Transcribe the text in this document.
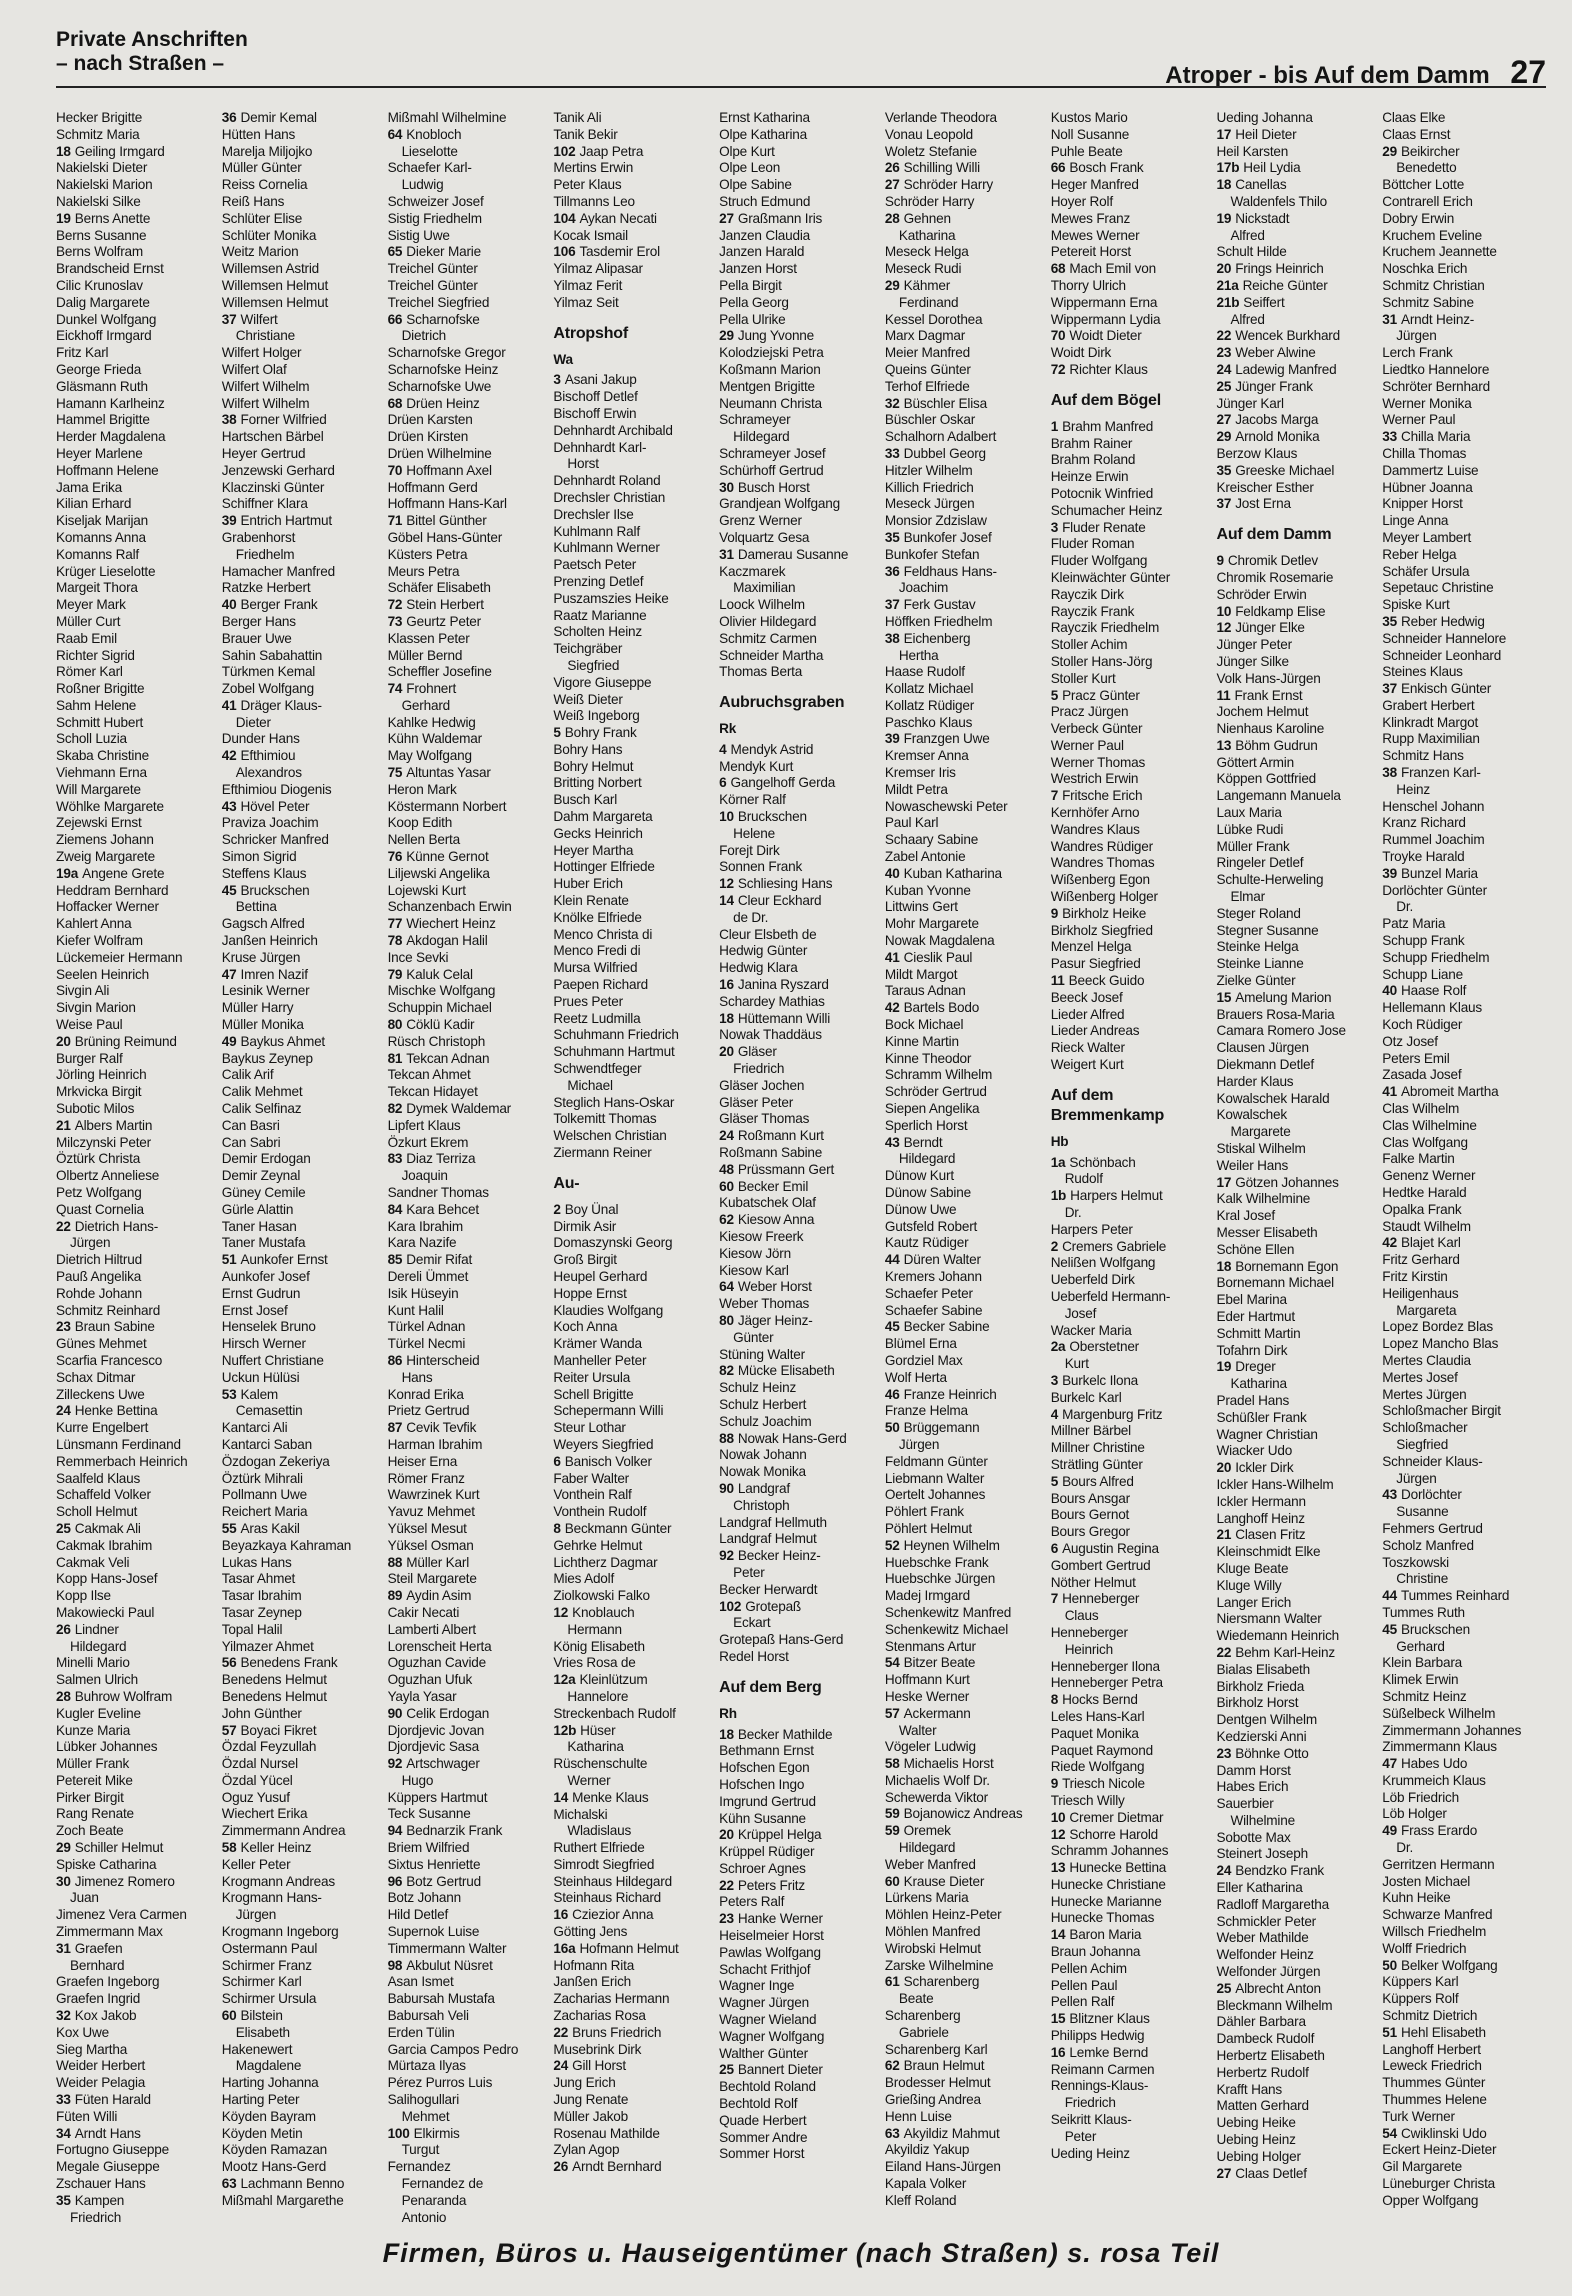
Private Anschriften
– nach Straßen –	Atroper - bis Auf dem Damm 27
Hecker Brigitte
Schmitz Maria
18 Geiling Irmgard
Nakielski Dieter
Nakielski Marion
Nakielski Silke
19 Berns Anette
Berns Susanne
Berns Wolfram
Brandscheid Ernst
Cilic Krunoslav
Dalig Margarete
Dunkel Wolfgang
Eickhoff Irmgard
Fritz Karl
George Frieda
Gläsmann Ruth
Hamann Karlheinz
Hammel Brigitte
Herder Magdalena
Heyer Marlene
Hoffmann Helene
Jama Erika
Kilian Erhard
Kiseljak Marijan
Komanns Anna
Komanns Ralf
Krüger Lieselotte
Margeit Thora
Meyer Mark
Müller Curt
Raab Emil
Richter Sigrid
Römer Karl
Roßner Brigitte
Sahm Helene
Schmitt Hubert
Scholl Luzia
Skaba Christine
Viehmann Erna
Will Margarete
Wöhlke Margarete
Zejewski Ernst
Ziemens Johann
Zweig Margarete
19a Angene Grete
Heddram Bernhard
Hoffacker Werner
Kahlert Anna
Kiefer Wolfram
Lückemeier Hermann
Seelen Heinrich
Sivgin Ali
Sivgin Marion
Weise Paul
20 Brüning Reimund
Burger Ralf
Jörling Heinrich
Mrkvicka Birgit
Subotic Milos
21 Albers Martin
Milczynski Peter
Öztürk Christa
Olbertz Anneliese
Petz Wolfgang
Quast Cornelia
22 Dietrich Hans-
Jürgen
Dietrich Hiltrud
Pauß Angelika
Rohde Johann
Schmitz Reinhard
23 Braun Sabine
Günes Mehmet
Scarfia Francesco
Schax Ditmar
Zilleckens Uwe
24 Henke Bettina
Kurre Engelbert
Lünsmann Ferdinand
Remmerbach Heinrich
Saalfeld Klaus
Schaffeld Volker
Scholl Helmut
25 Cakmak Ali
Cakmak Ibrahim
Cakmak Veli
Kopp Hans-Josef
Kopp Ilse
Makowiecki Paul
26 Lindner
Hildegard
Minelli Mario
Salmen Ulrich
28 Buhrow Wolfram
Kugler Eveline
Kunze Maria
Lübker Johannes
Müller Frank
Petereit Mike
Pirker Birgit
Rang Renate
Zoch Beate
29 Schiller Helmut
Spiske Catharina
30 Jimenez Romero
Juan
Jimenez Vera Carmen
Zimmermann Max
31 Graefen
Bernhard
Graefen Ingeborg
Graefen Ingrid
32 Kox Jakob
Kox Uwe
Sieg Martha
Weider Herbert
Weider Pelagia
33 Füten Harald
Füten Willi
34 Arndt Hans
Fortugno Giuseppe
Megale Giuseppe
Zschauer Hans
35 Kampen
Friedrich
36 Demir Kemal
Hütten Hans
Marelja Miljojko
Müller Günter
Reiss Cornelia
Reiß Hans
Schlüter Elise
Schlüter Monika
Weitz Marion
Willemsen Astrid
Willemsen Helmut
Willemsen Helmut
37 Wilfert
Christiane
Wilfert Holger
Wilfert Olaf
Wilfert Wilhelm
Wilfert Wilhelm
38 Forner Wilfried
Hartschen Bärbel
Heyer Gertrud
Jenzewski Gerhard
Klaczinski Günter
Schiffner Klara
39 Entrich Hartmut
Grabenhorst
Friedhelm
Hamacher Manfred
Ratzke Herbert
40 Berger Frank
Berger Hans
Brauer Uwe
Sahin Sabahattin
Türkmen Kemal
Zobel Wolfgang
41 Dräger Klaus-
Dieter
Dunder Hans
42 Efthimiou
Alexandros
Efthimiou Diogenis
43 Hövel Peter
Praviza Joachim
Schricker Manfred
Simon Sigrid
Steffens Klaus
45 Bruckschen
Bettina
Gagsch Alfred
Janßen Heinrich
Kruse Jürgen
47 Imren Nazif
Lesinik Werner
Müller Harry
Müller Monika
49 Baykus Ahmet
Baykus Zeynep
Calik Arif
Calik Mehmet
Calik Selfinaz
Can Basri
Can Sabri
Demir Erdogan
Demir Zeynal
Güney Cemile
Gürle Alattin
Taner Hasan
Taner Mustafa
51 Aunkofer Ernst
Aunkofer Josef
Ernst Gudrun
Ernst Josef
Henselek Bruno
Hirsch Werner
Nuffert Christiane
Uckun Hülüsi
53 Kalem
Cemasettin
Kantarci Ali
Kantarci Saban
Özdogan Zekeriya
Öztürk Mihrali
Pollmann Uwe
Reichert Maria
55 Aras Kakil
Beyazkaya Kahraman
Lukas Hans
Tasar Ahmet
Tasar Ibrahim
Tasar Zeynep
Topal Halil
Yilmazer Ahmet
56 Benedens Frank
Benedens Helmut
Benedens Helmut
John Günther
57 Boyaci Fikret
Özdal Feyzullah
Özdal Nursel
Özdal Yücel
Oguz Yusuf
Wiechert Erika
Zimmermann Andrea
58 Keller Heinz
Keller Peter
Krogmann Andreas
Krogmann Hans-
Jürgen
Krogmann Ingeborg
Ostermann Paul
Schirmer Franz
Schirmer Karl
Schirmer Ursula
60 Bilstein
Elisabeth
Hakenewert
Magdalene
Harting Johanna
Harting Peter
Köyden Bayram
Köyden Metin
Köyden Ramazan
Mootz Hans-Gerd
63 Lachmann Benno
Mißmahl Margarethe
Mißmahl Wilhelmine
64 Knobloch
Lieselotte
Schaefer Karl-
Ludwig
Schweizer Josef
Sistig Friedhelm
Sistig Uwe
65 Dieker Marie
Treichel Günter
Treichel Günter
Treichel Siegfried
66 Scharnofske
Dietrich
Scharnofske Gregor
Scharnofske Heinz
Scharnofske Uwe
68 Drüen Heinz
Drüen Karsten
Drüen Kirsten
Drüen Wilhelmine
70 Hoffmann Axel
Hoffmann Gerd
Hoffmann Hans-Karl
71 Bittel Günther
Göbel Hans-Günter
Küsters Petra
Meurs Petra
Schäfer Elisabeth
72 Stein Herbert
73 Geurtz Peter
Klassen Peter
Müller Bernd
Scheffler Josefine
74 Frohnert
Gerhard
Kahlke Hedwig
Kühn Waldemar
May Wolfgang
75 Altuntas Yasar
Heron Mark
Köstermann Norbert
Koop Edith
Nellen Berta
76 Künne Gernot
Liljewski Angelika
Lojewski Kurt
Schanzenbach Erwin
77 Wiechert Heinz
78 Akdogan Halil
Ince Sevki
79 Kaluk Celal
Mischke Wolfgang
Schuppin Michael
80 Cöklü Kadir
Rüsch Christoph
81 Tekcan Adnan
Tekcan Ahmet
Tekcan Hidayet
82 Dymek Waldemar
Lipfert Klaus
Özkurt Ekrem
83 Diaz Terriza
Joaquin
Sandner Thomas
84 Kara Behcet
Kara Ibrahim
Kara Nazife
85 Demir Rifat
Dereli Ümmet
Isik Hüseyin
Kunt Halil
Türkel Adnan
Türkel Necmi
86 Hinterscheid
Hans
Konrad Erika
Prietz Gertrud
87 Cevik Tevfik
Harman Ibrahim
Heiser Erna
Römer Franz
Wawrzinek Kurt
Yavuz Mehmet
Yüksel Mesut
Yüksel Osman
88 Müller Karl
Steil Margarete
89 Aydin Asim
Cakir Necati
Lamberti Albert
Lorenscheit Herta
Oguzhan Cavide
Oguzhan Ufuk
Yayla Yasar
90 Celik Erdogan
Djordjevic Jovan
Djordjevic Sasa
92 Artschwager
Hugo
Küppers Hartmut
Teck Susanne
94 Bednarzik Frank
Briem Wilfried
Sixtus Henriette
96 Botz Gertrud
Botz Johann
Hild Detlef
Supernok Luise
Timmermann Walter
98 Akbulut Nüsret
Asan Ismet
Babursah Mustafa
Babursah Veli
Erden Tülin
Garcia Campos Pedro
Mürtaza Ilyas
Pérez Purros Luis
Salihogullari
Mehmet
100 Elkirmis
Turgut
Fernandez
Fernandez de
Penaranda
Antonio
Tanik Ali
Tanik Bekir
102 Jaap Petra
Mertins Erwin
Peter Klaus
Tillmanns Leo
104 Aykan Necati
Kocak Ismail
106 Tasdemir Erol
Yilmaz Alipasar
Yilmaz Ferit
Yilmaz Seit
Atropshof
Wa
3 Asani Jakup
Bischoff Detlef
Bischoff Erwin
Dehnhardt Archibald
Dehnhardt Karl-
Horst
Dehnhardt Roland
Drechsler Christian
Drechsler Ilse
Kuhlmann Ralf
Kuhlmann Werner
Paetsch Peter
Prenzing Detlef
Puszamszies Heike
Raatz Marianne
Scholten Heinz
Teichgräber
Siegfried
Vigore Giuseppe
Weiß Dieter
Weiß Ingeborg
5 Bohry Frank
Bohry Hans
Bohry Helmut
Britting Norbert
Busch Karl
Dahm Margareta
Gecks Heinrich
Heyer Martha
Hottinger Elfriede
Huber Erich
Klein Renate
Knölke Elfriede
Menco Christa di
Menco Fredi di
Mursa Wilfried
Paepen Richard
Prues Peter
Reetz Ludmilla
Schuhmann Friedrich
Schuhmann Hartmut
Schwendtfeger
Michael
Steglich Hans-Oskar
Tolkemitt Thomas
Welschen Christian
Ziermann Reiner
Au-
2 Boy Ünal
Dirmik Asir
Domaszynski Georg
Groß Birgit
Heupel Gerhard
Hoppe Ernst
Klaudies Wolfgang
Koch Anna
Krämer Wanda
Manheller Peter
Reiter Ursula
Schell Brigitte
Schepermann Willi
Steur Lothar
Weyers Siegfried
6 Banisch Volker
Faber Walter
Vonthein Ralf
Vonthein Rudolf
8 Beckmann Günter
Gehrke Helmut
Lichtherz Dagmar
Mies Adolf
Ziolkowski Falko
12 Knoblauch
Hermann
König Elisabeth
Vries Rosa de
12a Kleinlützum
Hannelore
Streckenbach Rudolf
12b Hüser
Katharina
Rüschenschulte
Werner
14 Menke Klaus
Michalski
Wladislaus
Ruthert Elfriede
Simrodt Siegfried
Steinhaus Hildegard
Steinhaus Richard
16 Cziezior Anna
Götting Jens
16a Hofmann Helmut
Hofmann Rita
Janßen Erich
Zacharias Hermann
Zacharias Rosa
22 Bruns Friedrich
Musebrink Dirk
24 Gill Horst
Jung Erich
Jung Renate
Müller Jakob
Rosenau Mathilde
Zylan Agop
26 Arndt Bernhard
Ernst Katharina
Olpe Katharina
Olpe Kurt
Olpe Leon
Olpe Sabine
Struch Edmund
27 Graßmann Iris
Janzen Claudia
Janzen Harald
Janzen Horst
Pella Birgit
Pella Georg
Pella Ulrike
29 Jung Yvonne
Kolodziejski Petra
Koßmann Marion
Mentgen Brigitte
Neumann Christa
Schrameyer
Hildegard
Schrameyer Josef
Schürhoff Gertrud
30 Busch Horst
Grandjean Wolfgang
Grenz Werner
Volquartz Gesa
31 Damerau Susanne
Kaczmarek
Maximilian
Loock Wilhelm
Olivier Hildegard
Schmitz Carmen
Schneider Martha
Thomas Berta
Aubruchsgraben
Rk
4 Mendyk Astrid
Mendyk Kurt
6 Gangelhoff Gerda
Körner Ralf
10 Bruckschen
Helene
Forejt Dirk
Sonnen Frank
12 Schliesing Hans
14 Cleur Eckhard
de Dr.
Cleur Elsbeth de
Hedwig Günter
Hedwig Klara
16 Janina Ryszard
Schardey Mathias
18 Hüttemann Willi
Nowak Thaddäus
20 Gläser
Friedrich
Gläser Jochen
Gläser Peter
Gläser Thomas
24 Roßmann Kurt
Roßmann Sabine
48 Prüssmann Gert
60 Becker Emil
Kubatschek Olaf
62 Kiesow Anna
Kiesow Freerk
Kiesow Jörn
Kiesow Karl
64 Weber Horst
Weber Thomas
80 Jäger Heinz-
Günter
Stüning Walter
82 Mücke Elisabeth
Schulz Heinz
Schulz Herbert
Schulz Joachim
88 Nowak Hans-Gerd
Nowak Johann
Nowak Monika
90 Landgraf
Christoph
Landgraf Hellmuth
Landgraf Helmut
92 Becker Heinz-
Peter
Becker Herwardt
102 Grotepaß
Eckart
Grotepaß Hans-Gerd
Redel Horst
Auf dem Berg
Rh
18 Becker Mathilde
Bethmann Ernst
Hofschen Egon
Hofschen Ingo
Imgrund Gertrud
Kühn Susanne
20 Krüppel Helga
Krüppel Rüdiger
Schroer Agnes
22 Peters Fritz
Peters Ralf
23 Hanke Werner
Heiselmeier Horst
Pawlas Wolfgang
Schacht Frithjof
Wagner Inge
Wagner Jürgen
Wagner Wieland
Wagner Wolfgang
Walther Günter
25 Bannert Dieter
Bechtold Roland
Bechtold Rolf
Quade Herbert
Sommer Andre
Sommer Horst
Verlande Theodora
Vonau Leopold
Woletz Stefanie
26 Schilling Willi
27 Schröder Harry
Schröder Harry
28 Gehnen
Katharina
Meseck Helga
Meseck Rudi
29 Kähmer
Ferdinand
Kessel Dorothea
Marx Dagmar
Meier Manfred
Queins Günter
Terhof Elfriede
32 Büschler Elisa
Büschler Oskar
Schalhorn Adalbert
33 Dubbel Georg
Hitzler Wilhelm
Killich Friedrich
Meseck Jürgen
Monsior Zdzislaw
35 Bunkofer Josef
Bunkofer Stefan
36 Feldhaus Hans-
Joachim
37 Ferk Gustav
Höffken Friedhelm
38 Eichenberg
Hertha
Haase Rudolf
Kollatz Michael
Kollatz Rüdiger
Paschko Klaus
39 Franzgen Uwe
Kremser Anna
Kremser Iris
Mildt Petra
Nowaschewski Peter
Paul Karl
Schaary Sabine
Zabel Antonie
40 Kuban Katharina
Kuban Yvonne
Littwins Gert
Mohr Margarete
Nowak Magdalena
41 Cieslik Paul
Mildt Margot
Taraus Adnan
42 Bartels Bodo
Bock Michael
Kinne Martin
Kinne Theodor
Schramm Wilhelm
Schröder Gertrud
Siepen Angelika
Sperlich Horst
43 Berndt
Hildegard
Dünow Kurt
Dünow Sabine
Dünow Uwe
Gutsfeld Robert
Kautz Rüdiger
44 Düren Walter
Kremers Johann
Schaefer Peter
Schaefer Sabine
45 Becker Sabine
Blümel Erna
Gordziel Max
Wolf Herta
46 Franze Heinrich
Franze Helma
50 Brüggemann
Jürgen
Feldmann Günter
Liebmann Walter
Oertelt Johannes
Pöhlert Frank
Pöhlert Helmut
52 Heynen Wilhelm
Huebschke Frank
Huebschke Jürgen
Madej Irmgard
Schenkewitz Manfred
Schenkewitz Michael
Stenmans Artur
54 Bitzer Beate
Hoffmann Kurt
Heske Werner
57 Ackermann
Walter
Vögeler Ludwig
58 Michaelis Horst
Michaelis Wolf Dr.
Schewerda Viktor
59 Bojanowicz Andreas
59 Oremek
Hildegard
Weber Manfred
60 Krause Dieter
Lürkens Maria
Möhlen Heinz-Peter
Möhlen Manfred
Wirobski Helmut
Zarske Wilhelmine
61 Scharenberg
Beate
Scharenberg
Gabriele
Scharenberg Karl
62 Braun Helmut
Brodesser Helmut
Grießing Andrea
Henn Luise
63 Akyildiz Mahmut
Akyildiz Yakup
Eiland Hans-Jürgen
Kapala Volker
Kleff Roland
Kustos Mario
Noll Susanne
Puhle Beate
66 Bosch Frank
Heger Manfred
Hoyer Rolf
Mewes Franz
Mewes Werner
Petereit Horst
68 Mach Emil von
Thorry Ulrich
Wippermann Erna
Wippermann Lydia
70 Woidt Dieter
Woidt Dirk
72 Richter Klaus
Auf dem Bögel
1 Brahm Manfred
Brahm Rainer
Brahm Roland
Heinze Erwin
Potocnik Winfried
Schumacher Heinz
3 Fluder Renate
Fluder Roman
Fluder Wolfgang
Kleinwächter Günter
Rayczik Dirk
Rayczik Frank
Rayczik Friedhelm
Stoller Achim
Stoller Hans-Jörg
Stoller Kurt
5 Pracz Günter
Pracz Jürgen
Verbeck Günter
Werner Paul
Werner Thomas
Westrich Erwin
7 Fritsche Erich
Kernhöfer Arno
Wandres Klaus
Wandres Rüdiger
Wandres Thomas
Wißenberg Egon
Wißenberg Holger
9 Birkholz Heike
Birkholz Siegfried
Menzel Helga
Pasur Siegfried
11 Beeck Guido
Beeck Josef
Lieder Alfred
Lieder Andreas
Rieck Walter
Weigert Kurt
Auf dem Bremmenkamp
Hb
1a Schönbach
Rudolf
1b Harpers Helmut
Dr.
Harpers Peter
2 Cremers Gabriele
Nelißen Wolfgang
Ueberfeld Dirk
Ueberfeld Hermann-
Josef
Wacker Maria
2a Oberstetner
Kurt
3 Burkelc Ilona
Burkelc Karl
4 Margenburg Fritz
Millner Bärbel
Millner Christine
Strätling Günter
5 Bours Alfred
Bours Ansgar
Bours Gernot
Bours Gregor
6 Augustin Regina
Gombert Gertrud
Nöther Helmut
7 Henneberger
Claus
Henneberger
Heinrich
Henneberger Ilona
Henneberger Petra
8 Hocks Bernd
Leles Hans-Karl
Paquet Monika
Paquet Raymond
Riede Wolfgang
9 Triesch Nicole
Triesch Willy
10 Cremer Dietmar
12 Schorre Harold
Schramm Johannes
13 Hunecke Bettina
Hunecke Christiane
Hunecke Marianne
Hunecke Thomas
14 Baron Maria
Braun Johanna
Pellen Achim
Pellen Paul
Pellen Ralf
15 Blitzner Klaus
Philipps Hedwig
16 Lemke Bernd
Reimann Carmen
Rennings-Klaus-
Friedrich
Seikritt Klaus-
Peter
Ueding Heinz
Ueding Johanna
17 Heil Dieter
Heil Karsten
17b Heil Lydia
18 Canellas
Waldenfels Thilo
19 Nickstadt
Alfred
Schult Hilde
20 Frings Heinrich
21a Reiche Günter
21b Seiffert
Alfred
22 Wencek Burkhard
23 Weber Alwine
24 Ladewig Manfred
25 Jünger Frank
Jünger Karl
27 Jacobs Marga
29 Arnold Monika
Berzow Klaus
35 Greeske Michael
Kreischer Esther
37 Jost Erna
Auf dem Damm
9 Chromik Detlev
Chromik Rosemarie
Schröder Erwin
10 Feldkamp Elise
12 Jünger Elke
Jünger Peter
Jünger Silke
Volk Hans-Jürgen
11 Frank Ernst
Jochem Helmut
Nienhaus Karoline
13 Böhm Gudrun
Göttert Armin
Köppen Gottfried
Langemann Manuela
Laux Maria
Lübke Rudi
Müller Frank
Ringeler Detlef
Schulte-Herweling
Elmar
Steger Roland
Stegner Susanne
Steinke Helga
Steinke Lianne
Zielke Günter
15 Amelung Marion
Brauers Rosa-Maria
Camara Romero Jose
Clausen Jürgen
Diekmann Detlef
Harder Klaus
Kowalschek Harald
Kowalschek
Margarete
Stiskal Wilhelm
Weiler Hans
17 Götzen Johannes
Kalk Wilhelmine
Kral Josef
Messer Elisabeth
Schöne Ellen
18 Bornemann Egon
Bornemann Michael
Ebel Marina
Eder Hartmut
Schmitt Martin
Tofahrn Dirk
19 Dreger
Katharina
Pradel Hans
Schüßler Frank
Wagner Christian
Wiacker Udo
20 Ickler Dirk
Ickler Hans-Wilhelm
Ickler Hermann
Langhoff Heinz
21 Clasen Fritz
Kleinschmidt Elke
Kluge Beate
Kluge Willy
Langer Erich
Niersmann Walter
Wiedemann Heinrich
22 Behm Karl-Heinz
Bialas Elisabeth
Birkholz Frieda
Birkholz Horst
Dentgen Wilhelm
Kedzierski Anni
23 Böhnke Otto
Damm Horst
Habes Erich
Sauerbier
Wilhelmine
Sobotte Max
Steinert Joseph
24 Bendzko Frank
Eller Katharina
Radloff Margaretha
Schmickler Peter
Weber Mathilde
Welfonder Heinz
Welfonder Jürgen
25 Albrecht Anton
Bleckmann Wilhelm
Dähler Barbara
Dambeck Rudolf
Herbertz Elisabeth
Herbertz Rudolf
Krafft Hans
Matten Gerhard
Uebing Heike
Uebing Heinz
Uebing Holger
27 Claas Detlef
Claas Elke
Claas Ernst
29 Beikircher
Benedetto
Böttcher Lotte
Contrarell Erich
Dobry Erwin
Kruchem Eveline
Kruchem Jeannette
Noschka Erich
Schmitz Christian
Schmitz Sabine
31 Arndt Heinz-
Jürgen
Lerch Frank
Liedtko Hannelore
Schröter Bernhard
Werner Monika
Werner Paul
33 Chilla Maria
Chilla Thomas
Dammertz Luise
Hübner Joanna
Knipper Horst
Linge Anna
Meyer Lambert
Reber Helga
Schäfer Ursula
Sepetauc Christine
Spiske Kurt
35 Reber Hedwig
Schneider Hannelore
Schneider Leonhard
Steines Klaus
37 Enkisch Günter
Grabert Herbert
Klinkradt Margot
Rupp Maximilian
Schmitz Hans
38 Franzen Karl-
Heinz
Henschel Johann
Kranz Richard
Rummel Joachim
Troyke Harald
39 Bunzel Maria
Dorlöchter Günter
Dr.
Patz Maria
Schupp Frank
Schupp Friedhelm
Schupp Liane
40 Haase Rolf
Hellemann Klaus
Koch Rüdiger
Otz Josef
Peters Emil
Zasada Josef
41 Abromeit Martha
Clas Wilhelm
Clas Wilhelmine
Clas Wolfgang
Falke Martin
Genenz Werner
Hedtke Harald
Opalka Frank
Staudt Wilhelm
42 Blajet Karl
Fritz Gerhard
Fritz Kirstin
Heiligenhaus
Margareta
Lopez Bordez Blas
Lopez Mancho Blas
Mertes Claudia
Mertes Josef
Mertes Jürgen
Schloßmacher Birgit
Schloßmacher
Siegfried
Schneider Klaus-
Jürgen
43 Dorlöchter
Susanne
Fehmers Gertrud
Scholz Manfred
Toszkowski
Christine
44 Tummes Reinhard
Tummes Ruth
45 Bruckschen
Gerhard
Klein Barbara
Klimek Erwin
Schmitz Heinz
Süßelbeck Wilhelm
Zimmermann Johannes
Zimmermann Klaus
47 Habes Udo
Krummeich Klaus
Löb Friedrich
Löb Holger
49 Frass Erardo
Dr.
Gerritzen Hermann
Josten Michael
Kuhn Heike
Schwarze Manfred
Willsch Friedhelm
Wolff Friedrich
50 Belker Wolfgang
Küppers Karl
Küppers Rolf
Schmitz Dietrich
51 Hehl Elisabeth
Langhoff Herbert
Leweck Friedrich
Thummes Günter
Thummes Helene
Turk Werner
54 Cwiklinski Udo
Eckert Heinz-Dieter
Gil Margarete
Lüneburger Christa
Opper Wolfgang
Firmen, Büros u. Hauseigentümer (nach Straßen) s. rosa Teil
